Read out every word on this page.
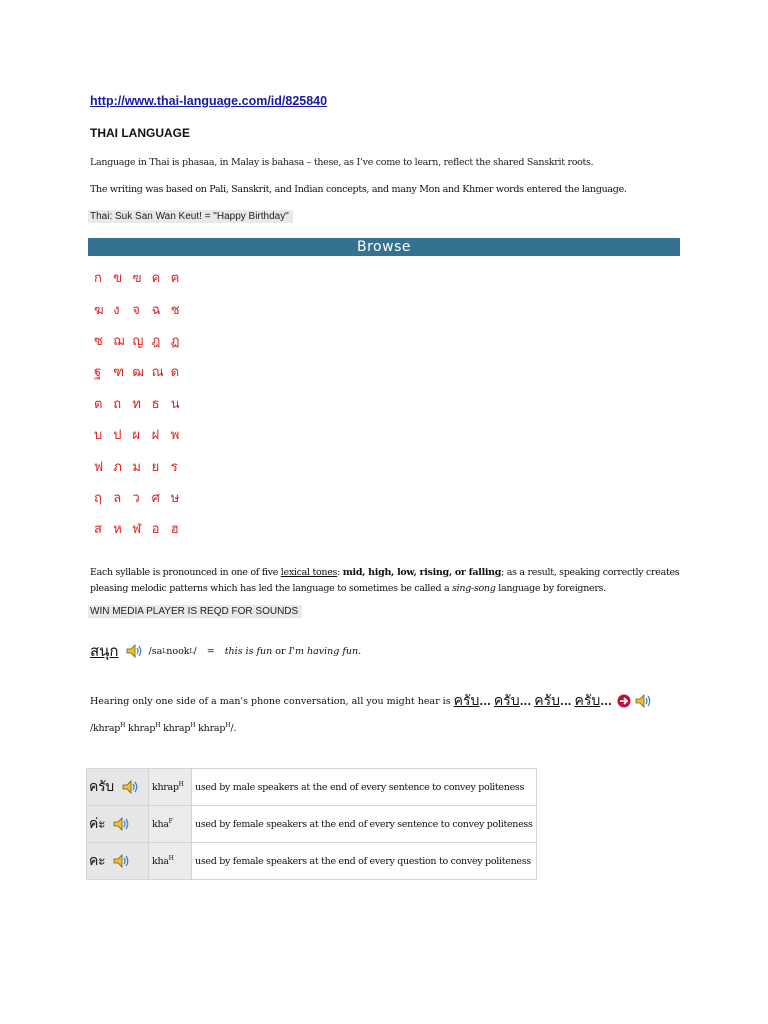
http://www.thai-language.com/id/825840
THAI LANGUAGE
Language in Thai is phasaa, in Malay is bahasa – these, as I’ve come to learn, reflect the shared Sanskrit roots.
The writing was based on Pali, Sanskrit, and Indian concepts, and many Mon and Khmer words entered the language.
Thai: Suk San Wan Keut! = "Happy Birthday"
Browse
ก ข ฃ ค ฅ
ฆ ง จ ฉ ช
ซ ฌ ญ ฎ ฏ
ฐ ฑ ฒ ณ ด
ต ถ ท ธ น
บ ป ผ ฝ พ
ฟ ภ ม ย ร
ฤ ล ว ศ ษ
ส ห ฬ อ ฮ
Each syllable is pronounced in one of five lexical tones: mid, high, low, rising, or falling; as a result, speaking correctly creates pleasing melodic patterns which has led the language to sometimes be called a sing-song language by foreigners.
WIN MEDIA PLAYER IS REQD FOR SOUNDS
สนุก	/sa L nook L / = this is fun or I'm having fun .
Hearing only one side of a man's phone conversation, all you might hear is ครับ ...
ครับ ...
ครับ ...
ครับ ...
/khrap$^H$ khrap$^H$ khrap$^H$ khrap$^H$/.
ครับ	khrap$^H$	used by male speakers at the end of every sentence to convey politeness
ค่ะ	kha$^F$	used by female speakers at the end of every sentence to convey politeness
คะ	kha$^H$	used by female speakers at the end of every question to convey politeness
